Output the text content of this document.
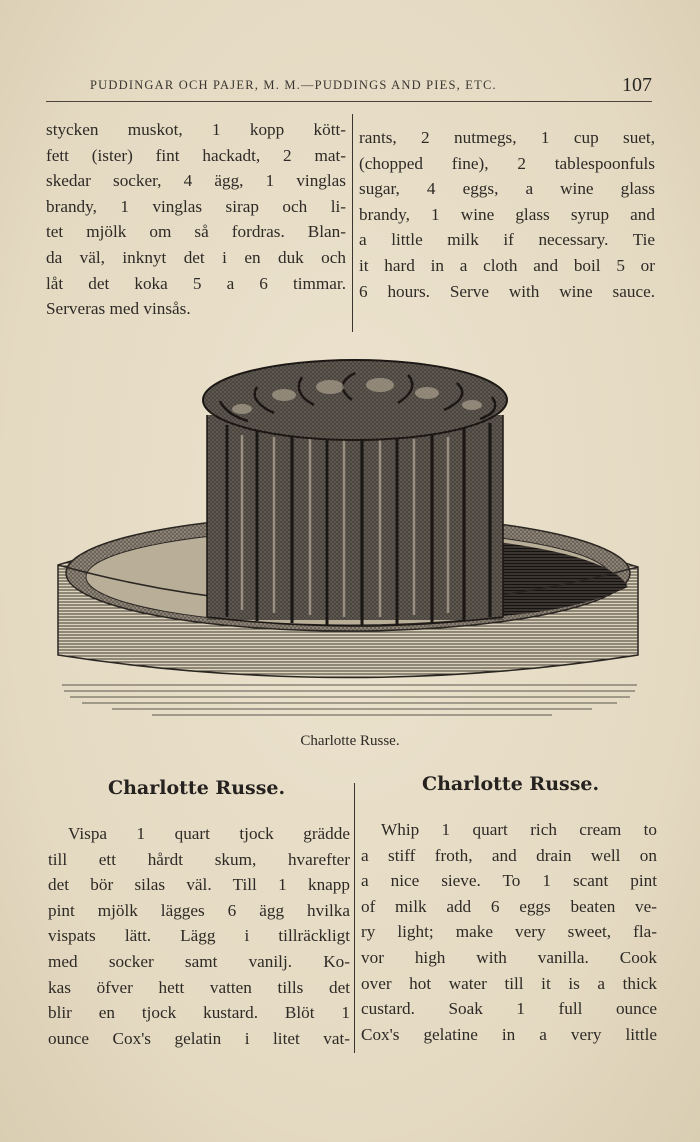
PUDDINGAR OCH PAJER, M. M.—PUDDINGS AND PIES, ETC.	107
stycken muskot, 1 kopp kött-
fett (ister) fint hackadt, 2 mat-
skedar socker, 4 ägg, 1 vinglas
brandy, 1 vinglas sirap och li-
tet mjölk om så fordras. Blan-
da väl, inknyt det i en duk och
låt det koka 5 a 6 timmar.
Serveras med vinsås.
rants, 2 nutmegs, 1 cup suet,
(chopped fine), 2 tablespoonfuls
sugar, 4 eggs, a wine glass
brandy, 1 wine glass syrup and
a little milk if necessary. Tie
it hard in a cloth and boil 5 or
6 hours. Serve with wine sauce.
Charlotte Russe.
Charlotte Russe.	Charlotte Russe.
Vispa 1 quart tjock grädde
till ett hårdt skum, hvarefter
det bör silas väl. Till 1 knapp
pint mjölk lägges 6 ägg hvilka
vispats lätt. Lägg i tillräckligt
med socker samt vanilj. Ko-
kas öfver hett vatten tills det
blir en tjock kustard. Blöt 1
ounce Cox's gelatin i litet vat-
Whip 1 quart rich cream to
a stiff froth, and drain well on
a nice sieve. To 1 scant pint
of milk add 6 eggs beaten ve-
ry light; make very sweet, fla-
vor high with vanilla. Cook
over hot water till it is a thick
custard. Soak 1 full ounce
Cox's gelatine in a very little
